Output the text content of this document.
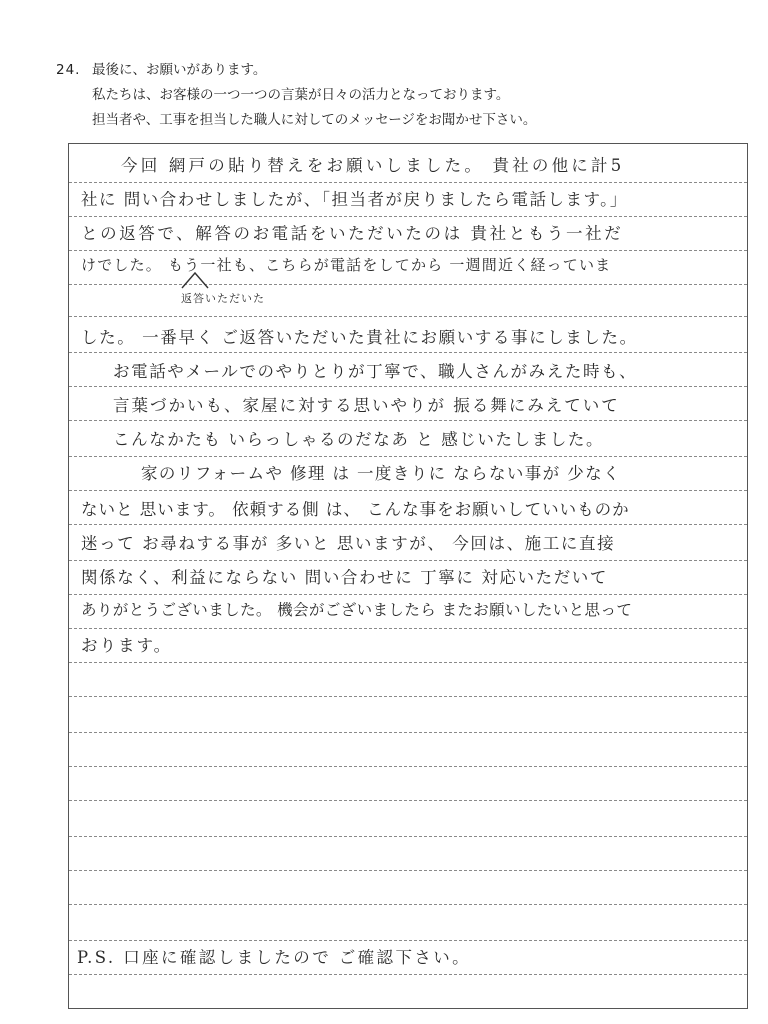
24. 最後に、お願いがあります。
私たちは、お客様の一つ一つの言葉が日々の活力となっております。
担当者や、工事を担当した職人に対してのメッセージをお聞かせ下さい。
今回 網戸の貼り替えをお願いしました。 貴社の他に計5
社に 問い合わせしましたが、「担当者が戻りましたら電話します。」
との返答で、解答のお電話をいただいたのは 貴社ともう一社だ
けでした。 もう一社も、こちらが電話をしてから 一週間近く経っていま
返答いただいた
した。 一番早く ご返答いただいた貴社にお願いする事にしました。
お電話やメールでのやりとりが丁寧で、職人さんがみえた時も、
言葉づかいも、家屋に対する思いやりが 振る舞にみえていて
こんなかたも いらっしゃるのだなあ と 感じいたしました。
家のリフォームや 修理 は 一度きりに ならない事が 少なく
ないと 思います。 依頼する側 は、 こんな事をお願いしていいものか
迷って お尋ねする事が 多いと 思いますが、 今回は、施工に直接
関係なく、利益にならない 問い合わせに 丁寧に 対応いただいて
ありがとうございました。 機会がございましたら またお願いしたいと思って
おります。
P.S. 口座に確認しましたので ご確認下さい。
